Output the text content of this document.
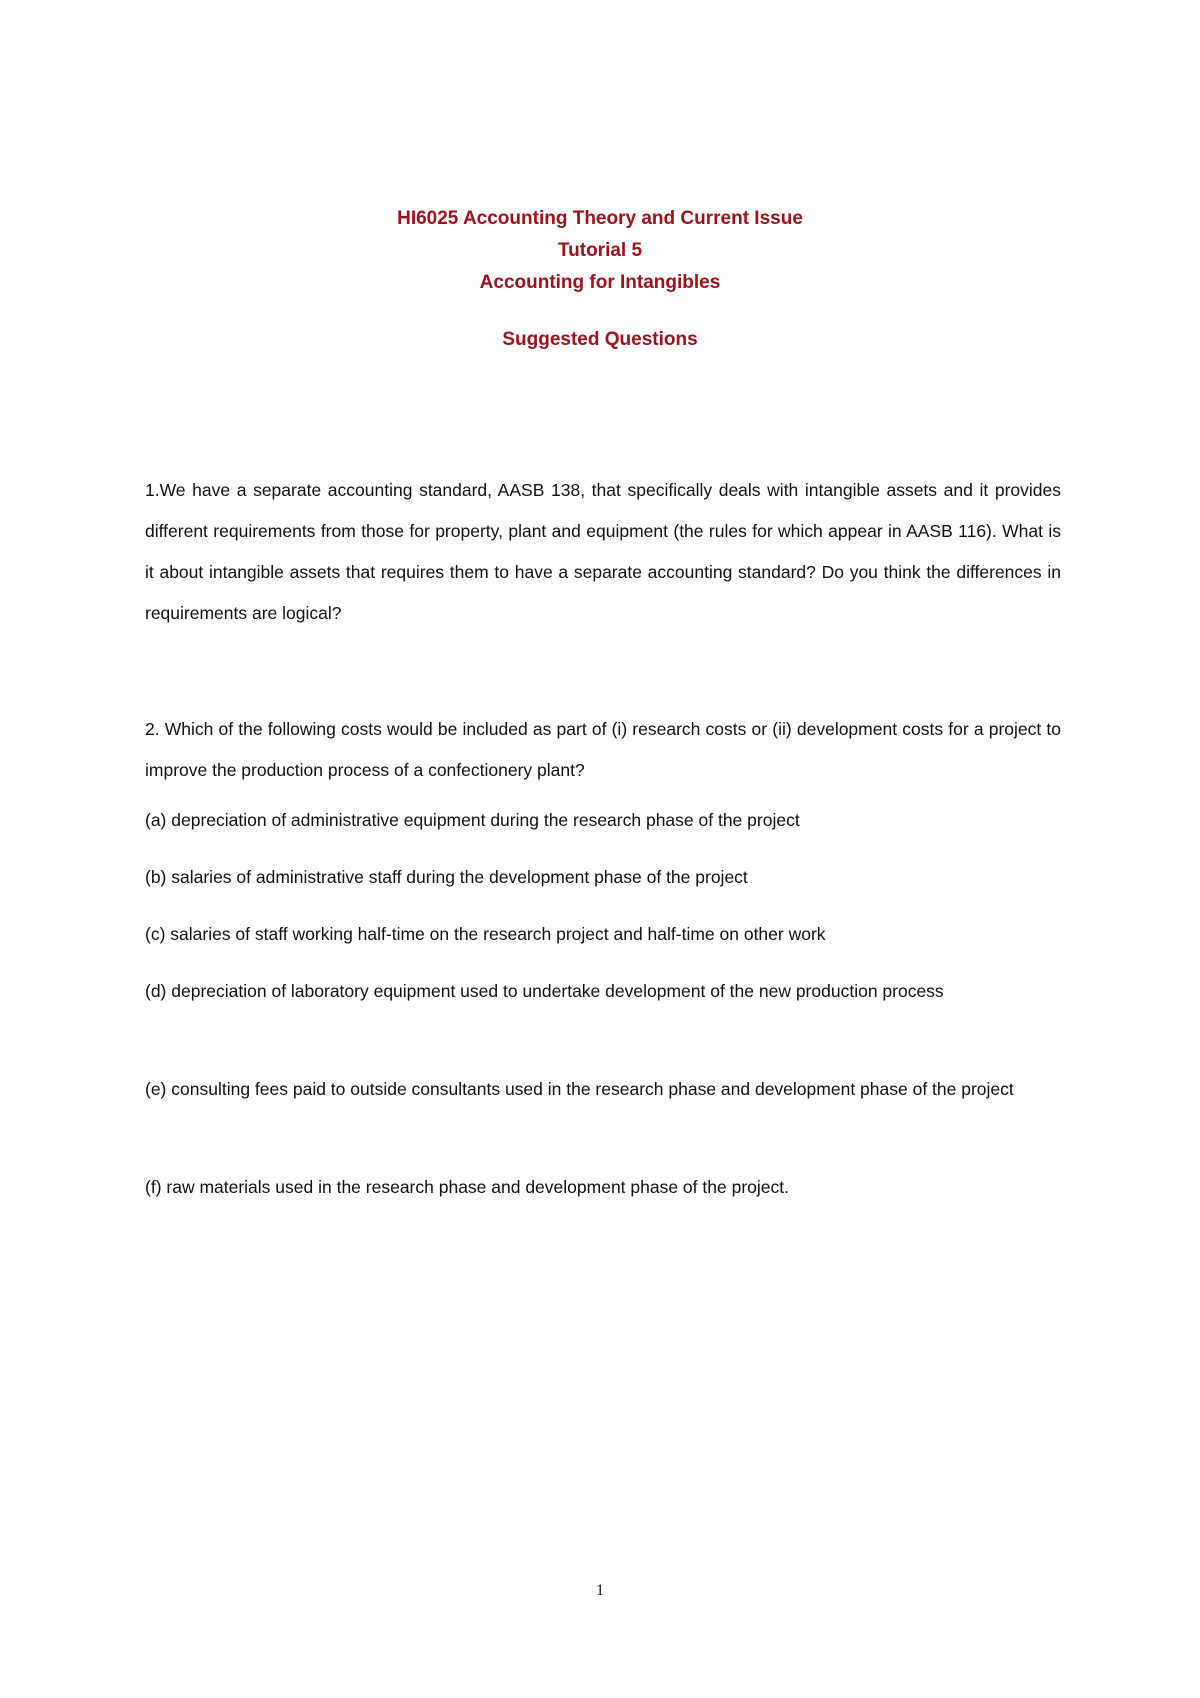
HI6025 Accounting Theory and Current Issue
Tutorial 5
Accounting for Intangibles
Suggested Questions
1.We have a separate accounting standard, AASB 138, that specifically deals with intangible assets and it provides different requirements from those for property, plant and equipment (the rules for which appear in AASB 116). What is it about intangible assets that requires them to have a separate accounting standard? Do you think the differences in requirements are logical?
2. Which of the following costs would be included as part of (i) research costs or (ii) development costs for a project to improve the production process of a confectionery plant?
(a) depreciation of administrative equipment during the research phase of the project
(b) salaries of administrative staff during the development phase of the project
(c) salaries of staff working half-time on the research project and half-time on other work
(d) depreciation of laboratory equipment used to undertake development of the new production process
(e) consulting fees paid to outside consultants used in the research phase and development phase of the project
(f) raw materials used in the research phase and development phase of the project.
1
